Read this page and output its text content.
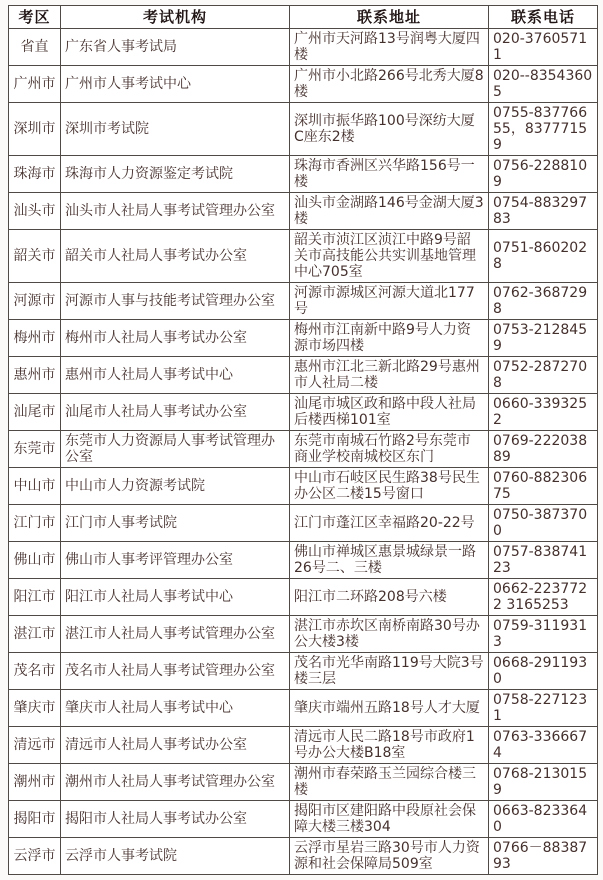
考区	考试机构	联系地址	联系电话
省直	广东省人事考试局	广州市天河路13号润粤大厦四楼	020-37605711
广州市	广州市人事考试中心	广州市小北路266号北秀大厦8楼	020--83543605
深圳市	深圳市考试院	深圳市振华路100号深纺大厦C座东2楼	0755-83776655，83777159
珠海市	珠海市人力资源鉴定考试院	珠海市香洲区兴华路156号一楼	0756-2288109
汕头市	汕头市人社局人事考试管理办公室	汕头市金湖路146号金湖大厦3楼	0754-88329783
韶关市	韶关市人社局人事考试办公室	韶关市浈江区浈江中路9号韶关市高技能公共实训基地管理中心705室	0751-8602028
河源市	河源市人事与技能考试管理办公室	河源市源城区河源大道北177号	0762-3687298
梅州市	梅州市人社局人事考试办公室	梅州市江南新中路9号人力资源市场四楼	0753-2128459
惠州市	惠州市人社局人事考试中心	惠州市江北三新北路29号惠州市人社局二楼	0752-2872708
汕尾市	汕尾市人社局人事考试办公室	汕尾市城区政和路中段人社局后楼西梯101室	0660-3393252
东莞市	东莞市人力资源局人事考试管理办公室	东莞市南城石竹路2号东莞市商业学校南城校区东门	0769-22203889
中山市	中山市人力资源考试院	中山市石岐区民生路38号民生办公区二楼15号窗口	0760-88230675
江门市	江门市人事考试院	江门市蓬江区幸福路20-22号	0750-3873700
佛山市	佛山市人事考评管理办公室	佛山市禅城区惠景城绿景一路 26号二、三楼	0757-83874123
阳江市	阳江市人社局人事考试中心	阳江市二环路208号六楼	0662-2237722 3165253
湛江市	湛江市人社局人事考试管理办公室	湛江市赤坎区南桥南路30号办公大楼3楼	0759-3119313
茂名市	茂名市人社局人事考试管理办公室	茂名市光华南路119号大院3号楼三层	0668-2911930
肇庆市	肇庆市人社局人事考试中心	肇庆市端州五路18号人才大厦	0758-2271231
清远市	清远市人社局人事考试办公室	清远市人民二路18号市政府1号办公大楼B18室	0763-3366674
潮州市	潮州市人社局人事考试管理办公室	潮州市春荣路玉兰园综合楼三楼	0768-2130159
揭阳市	揭阳市人社局人事考试办公室	揭阳市区建阳路中段原社会保障大楼三楼304	0663-8233640
云浮市	云浮市人事考试院	云浮市星岩三路30号市人力资源和社会保障局509室	0766－8838793
